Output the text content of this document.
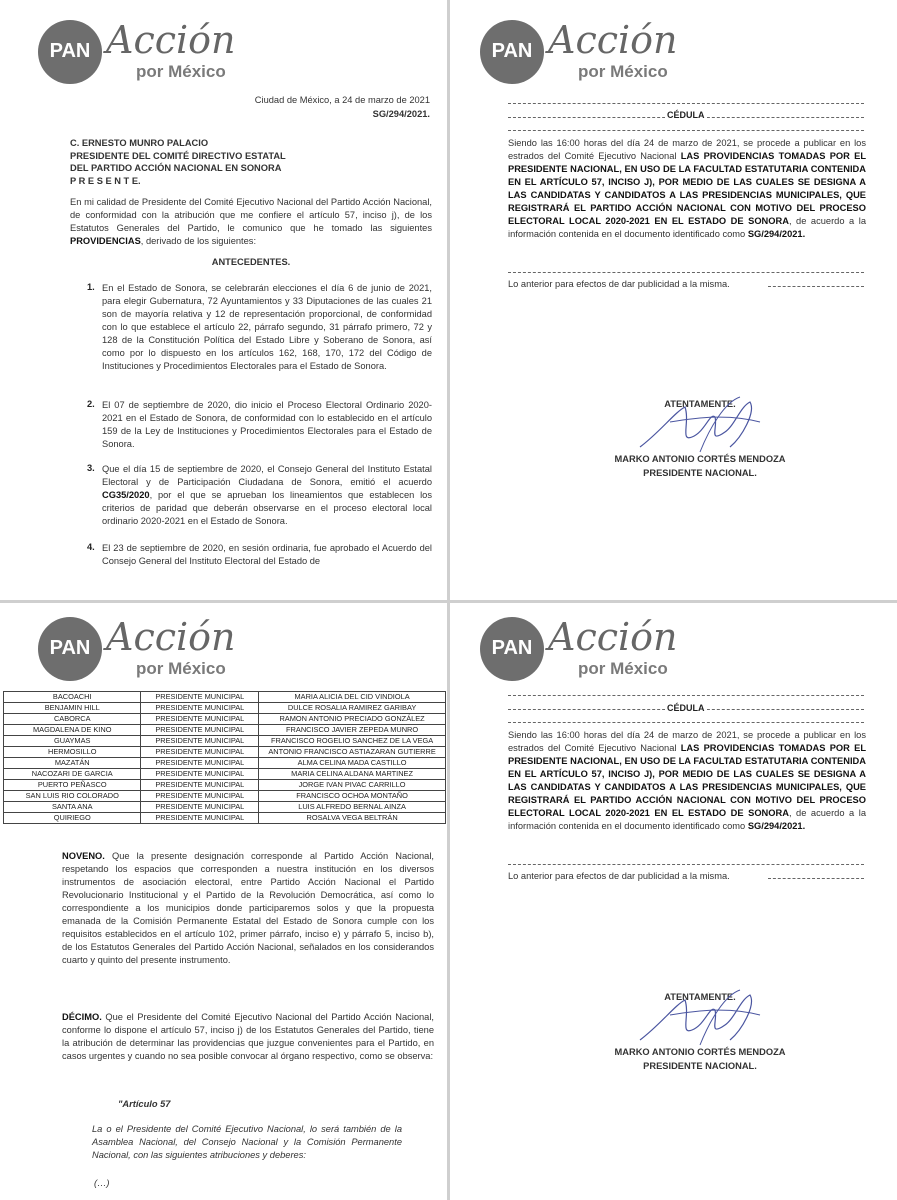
PAN Acción
por México
Ciudad de México, a 24 de marzo de 2021
SG/294/2021.
C. ERNESTO MUNRO PALACIO
PRESIDENTE DEL COMITÉ DIRECTIVO ESTATAL
DEL PARTIDO ACCIÓN NACIONAL EN SONORA
P R E S E N T E.
En mi calidad de Presidente del Comité Ejecutivo Nacional del Partido Acción Nacional, de conformidad con la atribución que me confiere el artículo 57, inciso j), de los Estatutos Generales del Partido, le comunico que he tomado las siguientes PROVIDENCIAS, derivado de los siguientes:
ANTECEDENTES.
1. En el Estado de Sonora, se celebrarán elecciones el día 6 de junio de 2021, para elegir Gubernatura, 72 Ayuntamientos y 33 Diputaciones de las cuales 21 son de mayoría relativa y 12 de representación proporcional, de conformidad con lo que establece el artículo 22, párrafo segundo, 31 párrafo primero, 72 y 128 de la Constitución Política del Estado Libre y Soberano de Sonora, así como por lo dispuesto en los artículos 162, 168, 170, 172 del Código de Instituciones y Procedimientos Electorales para el Estado de Sonora.
2. El 07 de septiembre de 2020, dio inicio el Proceso Electoral Ordinario 2020-2021 en el Estado de Sonora, de conformidad con lo establecido en el artículo 159 de la Ley de Instituciones y Procedimientos Electorales para el Estado de Sonora.
3. Que el día 15 de septiembre de 2020, el Consejo General del Instituto Estatal Electoral y de Participación Ciudadana de Sonora, emitió el acuerdo CG35/2020, por el que se aprueban los lineamientos que establecen los criterios de paridad que deberán observarse en el proceso electoral local ordinario 2020-2021 en el Estado de Sonora.
4. El 23 de septiembre de 2020, en sesión ordinaria, fue aprobado el Acuerdo del Consejo General del Instituto Electoral del Estado de
PAN Acción
por México
CÉDULA
Siendo las 16:00 horas del día 24 de marzo de 2021, se procede a publicar en los estrados del Comité Ejecutivo Nacional LAS PROVIDENCIAS TOMADAS POR EL PRESIDENTE NACIONAL, EN USO DE LA FACULTAD ESTATUTARIA CONTENIDA EN EL ARTÍCULO 57, INCISO J), POR MEDIO DE LAS CUALES SE DESIGNA A LAS CANDIDATAS Y CANDIDATOS A LAS PRESIDENCIAS MUNICIPALES, QUE REGISTRARÁ EL PARTIDO ACCIÓN NACIONAL CON MOTIVO DEL PROCESO ELECTORAL LOCAL 2020-2021 EN EL ESTADO DE SONORA, de acuerdo a la información contenida en el documento identificado como SG/294/2021.
Lo anterior para efectos de dar publicidad a la misma.
ATENTAMENTE.
MARKO ANTONIO CORTÉS MENDOZA
PRESIDENTE NACIONAL.
PAN Acción
por México
BACOACHI	PRESIDENTE MUNICIPAL	MARIA ALICIA DEL CID VINDIOLA
BENJAMIN HILL	PRESIDENTE MUNICIPAL	DULCE ROSALIA RAMIREZ GARIBAY
CABORCA	PRESIDENTE MUNICIPAL	RAMON ANTONIO PRECIADO GONZÁLEZ
MAGDALENA DE KINO	PRESIDENTE MUNICIPAL	FRANCISCO JAVIER ZEPEDA MUNRO
GUAYMAS	PRESIDENTE MUNICIPAL	FRANCISCO ROGELIO SANCHEZ DE LA VEGA
HERMOSILLO	PRESIDENTE MUNICIPAL	ANTONIO FRANCISCO ASTIAZARAN GUTIERRE
MAZATÁN	PRESIDENTE MUNICIPAL	ALMA CELINA MADA CASTILLO
NACOZARI DE GARCIA	PRESIDENTE MUNICIPAL	MARIA CELINA ALDANA MARTINEZ
PUERTO PEÑASCO	PRESIDENTE MUNICIPAL	JORGE IVAN PIVAC CARRILLO
SAN LUIS RIO COLORADO	PRESIDENTE MUNICIPAL	FRANCISCO OCHOA MONTAÑO
SANTA ANA	PRESIDENTE MUNICIPAL	LUIS ALFREDO BERNAL AINZA
QUIRIEGO	PRESIDENTE MUNICIPAL	ROSALVA VEGA BELTRÁN
NOVENO. Que la presente designación corresponde al Partido Acción Nacional, respetando los espacios que corresponden a nuestra institución en los diversos instrumentos de asociación electoral, entre Partido Acción Nacional el Partido Revolucionario Institucional y el Partido de la Revolución Democrática, así como lo correspondiente a los municipios donde participaremos solos y que la propuesta emanada de la Comisión Permanente Estatal del Estado de Sonora cumple con los requisitos establecidos en el artículo 102, primer párrafo, inciso e) y párrafo 5, inciso b), de los Estatutos Generales del Partido Acción Nacional, señalados en los considerandos cuarto y quinto del presente instrumento.
DÉCIMO. Que el Presidente del Comité Ejecutivo Nacional del Partido Acción Nacional, conforme lo dispone el artículo 57, inciso j) de los Estatutos Generales del Partido, tiene la atribución de determinar las providencias que juzgue convenientes para el Partido, en casos urgentes y cuando no sea posible convocar al órgano respectivo, como se observa:
"Artículo 57
La o el Presidente del Comité Ejecutivo Nacional, lo será también de la Asamblea Nacional, del Consejo Nacional y la Comisión Permanente Nacional, con las siguientes atribuciones y deberes:
(…)
PAN Acción
por México
CÉDULA
Siendo las 16:00 horas del día 24 de marzo de 2021, se procede a publicar en los estrados del Comité Ejecutivo Nacional LAS PROVIDENCIAS TOMADAS POR EL PRESIDENTE NACIONAL, EN USO DE LA FACULTAD ESTATUTARIA CONTENIDA EN EL ARTÍCULO 57, INCISO J), POR MEDIO DE LAS CUALES SE DESIGNA A LAS CANDIDATAS Y CANDIDATOS A LAS PRESIDENCIAS MUNICIPALES, QUE REGISTRARÁ EL PARTIDO ACCIÓN NACIONAL CON MOTIVO DEL PROCESO ELECTORAL LOCAL 2020-2021 EN EL ESTADO DE SONORA, de acuerdo a la información contenida en el documento identificado como SG/294/2021.
Lo anterior para efectos de dar publicidad a la misma.
ATENTAMENTE.
MARKO ANTONIO CORTÉS MENDOZA
PRESIDENTE NACIONAL.
